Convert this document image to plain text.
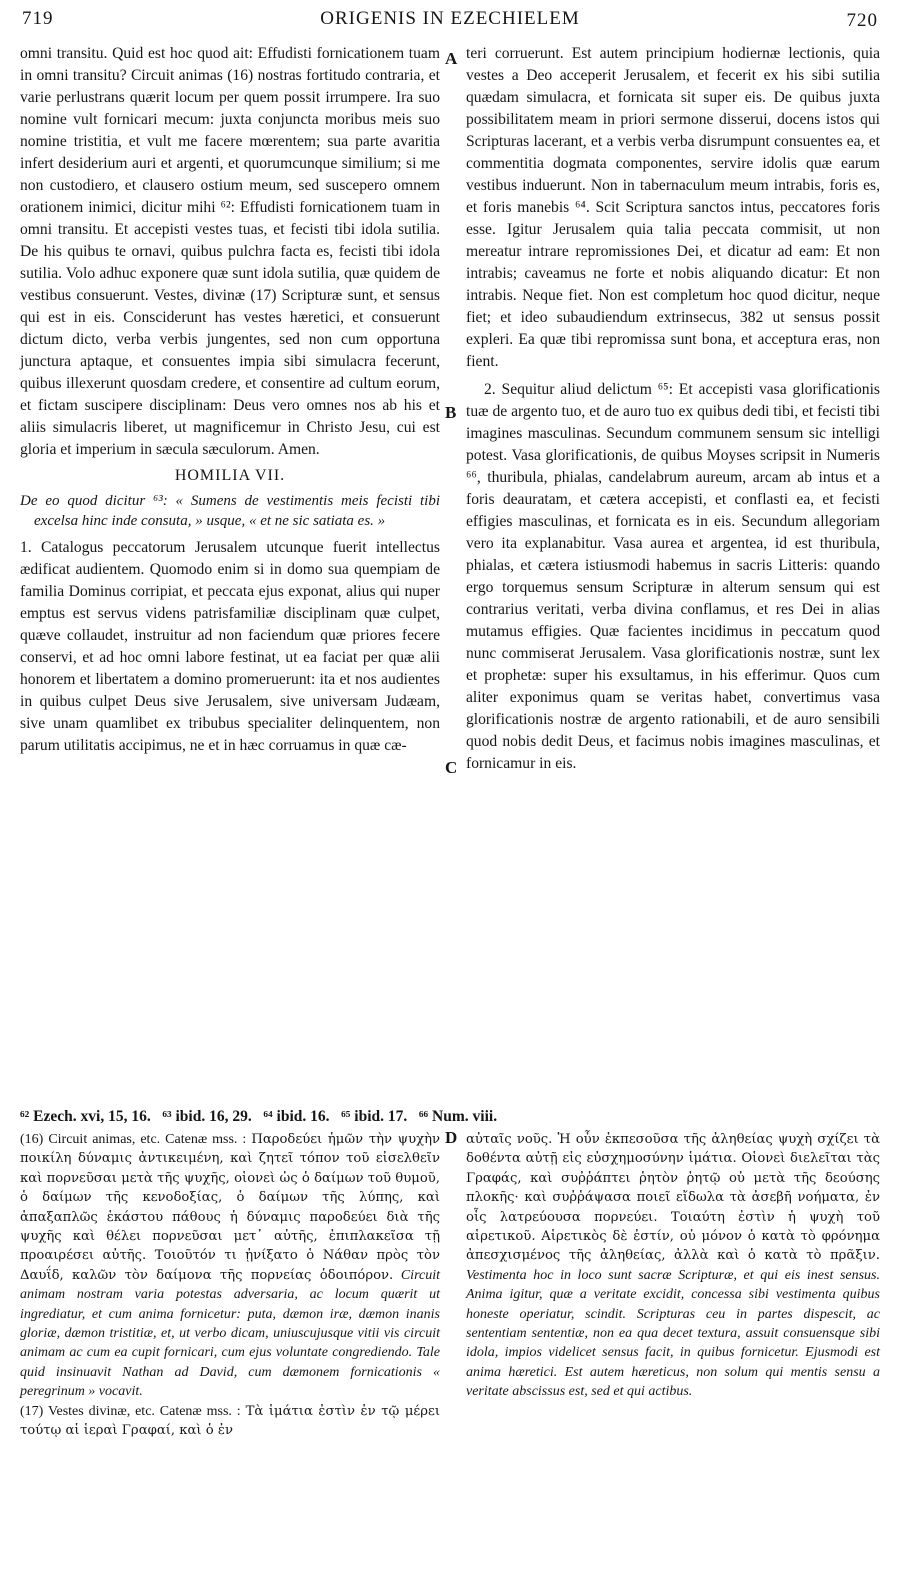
719	ORIGENIS IN EZECHIELEM	720

omni transitu. Quid est hoc quod ait: Effudisti fornicationem tuam in omni transitu? Circuit animas (16) nostras fortitudo contraria, et varie perlustrans quærit locum per quem possit irrumpere. Ira suo nomine vult fornicari mecum: juxta conjuncta moribus meis suo nomine tristitia, et vult me facere mœrentem; sua parte avaritia infert desiderium auri et argenti, et quorumcunque similium; si me non custodiero, et clausero ostium meum, sed suscepero omnem orationem inimici, dicitur mihi ⁶²: Effudisti fornicationem tuam in omni transitu. Et accepisti vestes tuas, et fecisti tibi idola sutilia. De his quibus te ornavi, quibus pulchra facta es, fecisti tibi idola sutilia. Volo adhuc exponere quæ sunt idola sutilia, quæ quidem de vestibus consuerunt. Vestes, divinæ (17) Scripturæ sunt, et sensus qui est in eis. Consciderunt has vestes hæretici, et consuerunt dictum dicto, verba verbis jungentes, sed non cum opportuna junctura aptaque, et consuentes impia sibi simulacra fecerunt, quibus illexerunt quosdam credere, et consentire ad cultum eorum, et fictam suscipere disciplinam: Deus vero omnes nos ab his et aliis simulacris liberet, ut magnificemur in Christo Jesu, cui est gloria et imperium in sæcula sæculorum. Amen.

HOMILIA VII.
De eo quod dicitur ⁶³: « Sumens de vestimentis meis fecisti tibi excelsa hinc inde consuta, » usque, « et ne sic satiata es. »

1. Catalogus peccatorum Jerusalem utcunque fuerit intellectus ædificat audientem. Quomodo enim si in domo sua quempiam de familia Dominus corripiat, et peccata ejus exponat, alius qui nuper emptus est servus videns patrisfamiliæ disciplinam quæ culpet, quæve collaudet, instruitur ad non faciendum quæ priores fecere conservi, et ad hoc omni labore festinat, ut ea faciat per quæ alii honorem et libertatem a domino promeruerunt: ita et nos audientes in quibus culpet Deus sive Jerusalem, sive universam Judæam, sive unam quamlibet ex tribubus specialiter delinquentem, non parum utilitatis accipimus, ne et in hæc corruamus in quæ cæ-

A
B
C
D

teri corruerunt. Est autem principium hodiernæ lectionis, quia vestes a Deo acceperit Jerusalem, et fecerit ex his sibi sutilia quædam simulacra, et fornicata sit super eis. De quibus juxta possibilitatem meam in priori sermone disserui, docens istos qui Scripturas lacerant, et a verbis verba disrumpunt consuentes ea, et commentitia dogmata componentes, servire idolis quæ earum vestibus induerunt. Non in tabernaculum meum intrabis, foris es, et foris manebis ⁶⁴. Scit Scriptura sanctos intus, peccatores foris esse. Igitur Jerusalem quia talia peccata commisit, ut non mereatur intrare repromissiones Dei, et dicatur ad eam: Et non intrabis; caveamus ne forte et nobis aliquando dicatur: Et non intrabis. Neque fiet. Non est completum hoc quod dicitur, neque fiet; et ideo subaudiendum extrinsecus, 382 ut sensus possit expleri. Ea quæ tibi repromissa sunt bona, et acceptura eras, non fient.

2. Sequitur aliud delictum ⁶⁵: Et accepisti vasa glorificationis tuæ de argento tuo, et de auro tuo ex quibus dedi tibi, et fecisti tibi imagines masculinas. Secundum communem sensum sic intelligi potest. Vasa glorificationis, de quibus Moyses scripsit in Numeris ⁶⁶, thuribula, phialas, candelabrum aureum, arcam ab intus et a foris deauratam, et cætera accepisti, et conflasti ea, et fecisti effigies masculinas, et fornicata es in eis. Secundum allegoriam vero ita explanabitur. Vasa aurea et argentea, id est thuribula, phialas, et cætera istiusmodi habemus in sacris Litteris: quando ergo torquemus sensum Scripturæ in alterum sensum qui est contrarius veritati, verba divina conflamus, et res Dei in alias mutamus effigies. Quæ facientes incidimus in peccatum quod nunc commiserat Jerusalem. Vasa glorificationis nostræ, sunt lex et prophetæ: super his exsultamus, in his efferimur. Quos cum aliter exponimus quam se veritas habet, convertimus vasa glorificationis nostræ de argento rationabili, et de auro sensibili quod nobis dedit Deus, et facimus nobis imagines masculinas, et fornicamur in eis.

⁶² Ezech. xvi, 15, 16.   ⁶³ ibid. 16, 29.   ⁶⁴ ibid. 16.   ⁶⁵ ibid. 17.   ⁶⁶ Num. viii.

(16) Circuit animas, etc. Catenæ mss. : Παροδεύει ἡμῶν τὴν ψυχὴν ποικίλη δύναμις ἀντικειμένη, καὶ ζητεῖ τόπον τοῦ εἰσελθεῖν καὶ πορνεῦσαι μετὰ τῆς ψυχῆς, οἱονεὶ ὡς ὁ δαίμων τοῦ θυμοῦ, ὁ δαίμων τῆς κενοδοξίας, ὁ δαίμων τῆς λύπης, καὶ ἁπαξαπλῶς ἑκάστου πάθους ἡ δύναμις παροδεύει διὰ τῆς ψυχῆς καὶ θέλει πορνεῦσαι μετ᾽ αὐτῆς, ἐπιπλακεῖσα τῇ προαιρέσει αὐτῆς. Τοιοῦτόν τι ᾐνίξατο ὁ Νάθαν πρὸς τὸν Δαυΐδ, καλῶν τὸν δαίμονα τῆς πορνείας ὁδοιπόρον. Circuit animam nostram varia potestas adversaria, ac locum quærit ut ingrediatur, et cum anima fornicetur: puta, dæmon iræ, dæmon inanis gloriæ, dæmon tristitiæ, et, ut verbo dicam, uniuscujusque vitii vis circuit animam ac cum ea cupit fornicari, cum ejus voluntate congrediendo. Tale quid insinuavit Nathan ad David, cum dæmonem fornicationis « peregrinum » vocavit.

(17) Vestes divinæ, etc. Catenæ mss. : Τὰ ἱμάτια ἐστὶν ἐν τῷ μέρει τούτῳ αἱ ἱεραὶ Γραφαί, καὶ ὁ ἐν

αὐταῖς νοῦς. Ἡ οὖν ἐκπεσοῦσα τῆς ἀληθείας ψυχὴ σχίζει τὰ δοθέντα αὐτῇ εἰς εὐσχημοσύνην ἱμάτια. Οἱονεὶ διελεῖται τὰς Γραφάς, καὶ συῤῥάπτει ῥητὸν ῥητῷ οὐ μετὰ τῆς δεούσης πλοκῆς· καὶ συῤῥάψασα ποιεῖ εἴδωλα τὰ ἀσεβῆ νοήματα, ἐν οἷς λατρεύουσα πορνεύει. Τοιαύτη ἐστὶν ἡ ψυχὴ τοῦ αἱρετικοῦ. Αἱρετικὸς δὲ ἐστίν, οὐ μόνον ὁ κατὰ τὸ φρόνημα ἀπεσχισμένος τῆς ἀληθείας, ἀλλὰ καὶ ὁ κατὰ τὸ πρᾶξιν. Vestimenta hoc in loco sunt sacræ Scripturæ, et qui eis inest sensus. Anima igitur, quæ a veritate excidit, concessa sibi vestimenta quibus honeste operiatur, scindit. Scripturas ceu in partes dispescit, ac sententiam sententiæ, non ea qua decet textura, assuit consuensque sibi idola, impios videlicet sensus facit, in quibus fornicetur. Ejusmodi est anima hæretici. Est autem hæreticus, non solum qui mentis sensu a veritate abscissus est, sed et qui actibus.
